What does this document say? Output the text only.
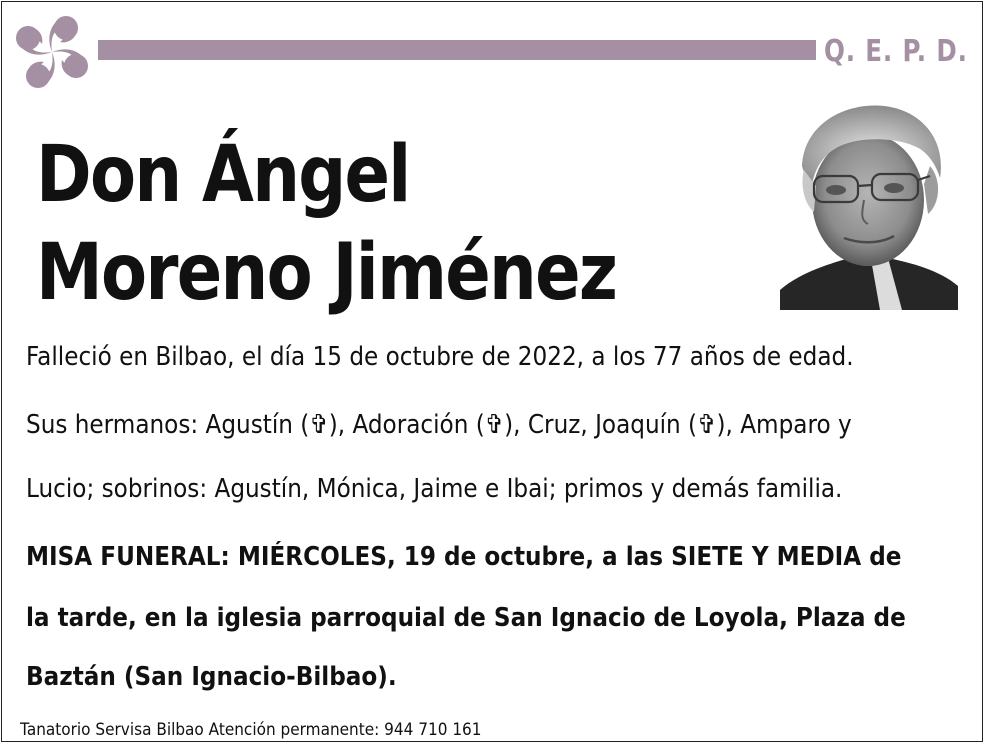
Q. E. P. D.
Don Ángel
Moreno Jiménez
Falleció en Bilbao, el día 15 de octubre de 2022, a los 77 años de edad.
Sus hermanos: Agustín (✞), Adoración (✞), Cruz, Joaquín (✞), Amparo y
Lucio; sobrinos: Agustín, Mónica, Jaime e Ibai; primos y demás familia.
MISA FUNERAL: MIÉRCOLES, 19 de octubre, a las SIETE Y MEDIA de
la tarde, en la iglesia parroquial de San Ignacio de Loyola, Plaza de
Baztán (San Ignacio-Bilbao).
Tanatorio Servisa Bilbao Atención permanente: 944 710 161
